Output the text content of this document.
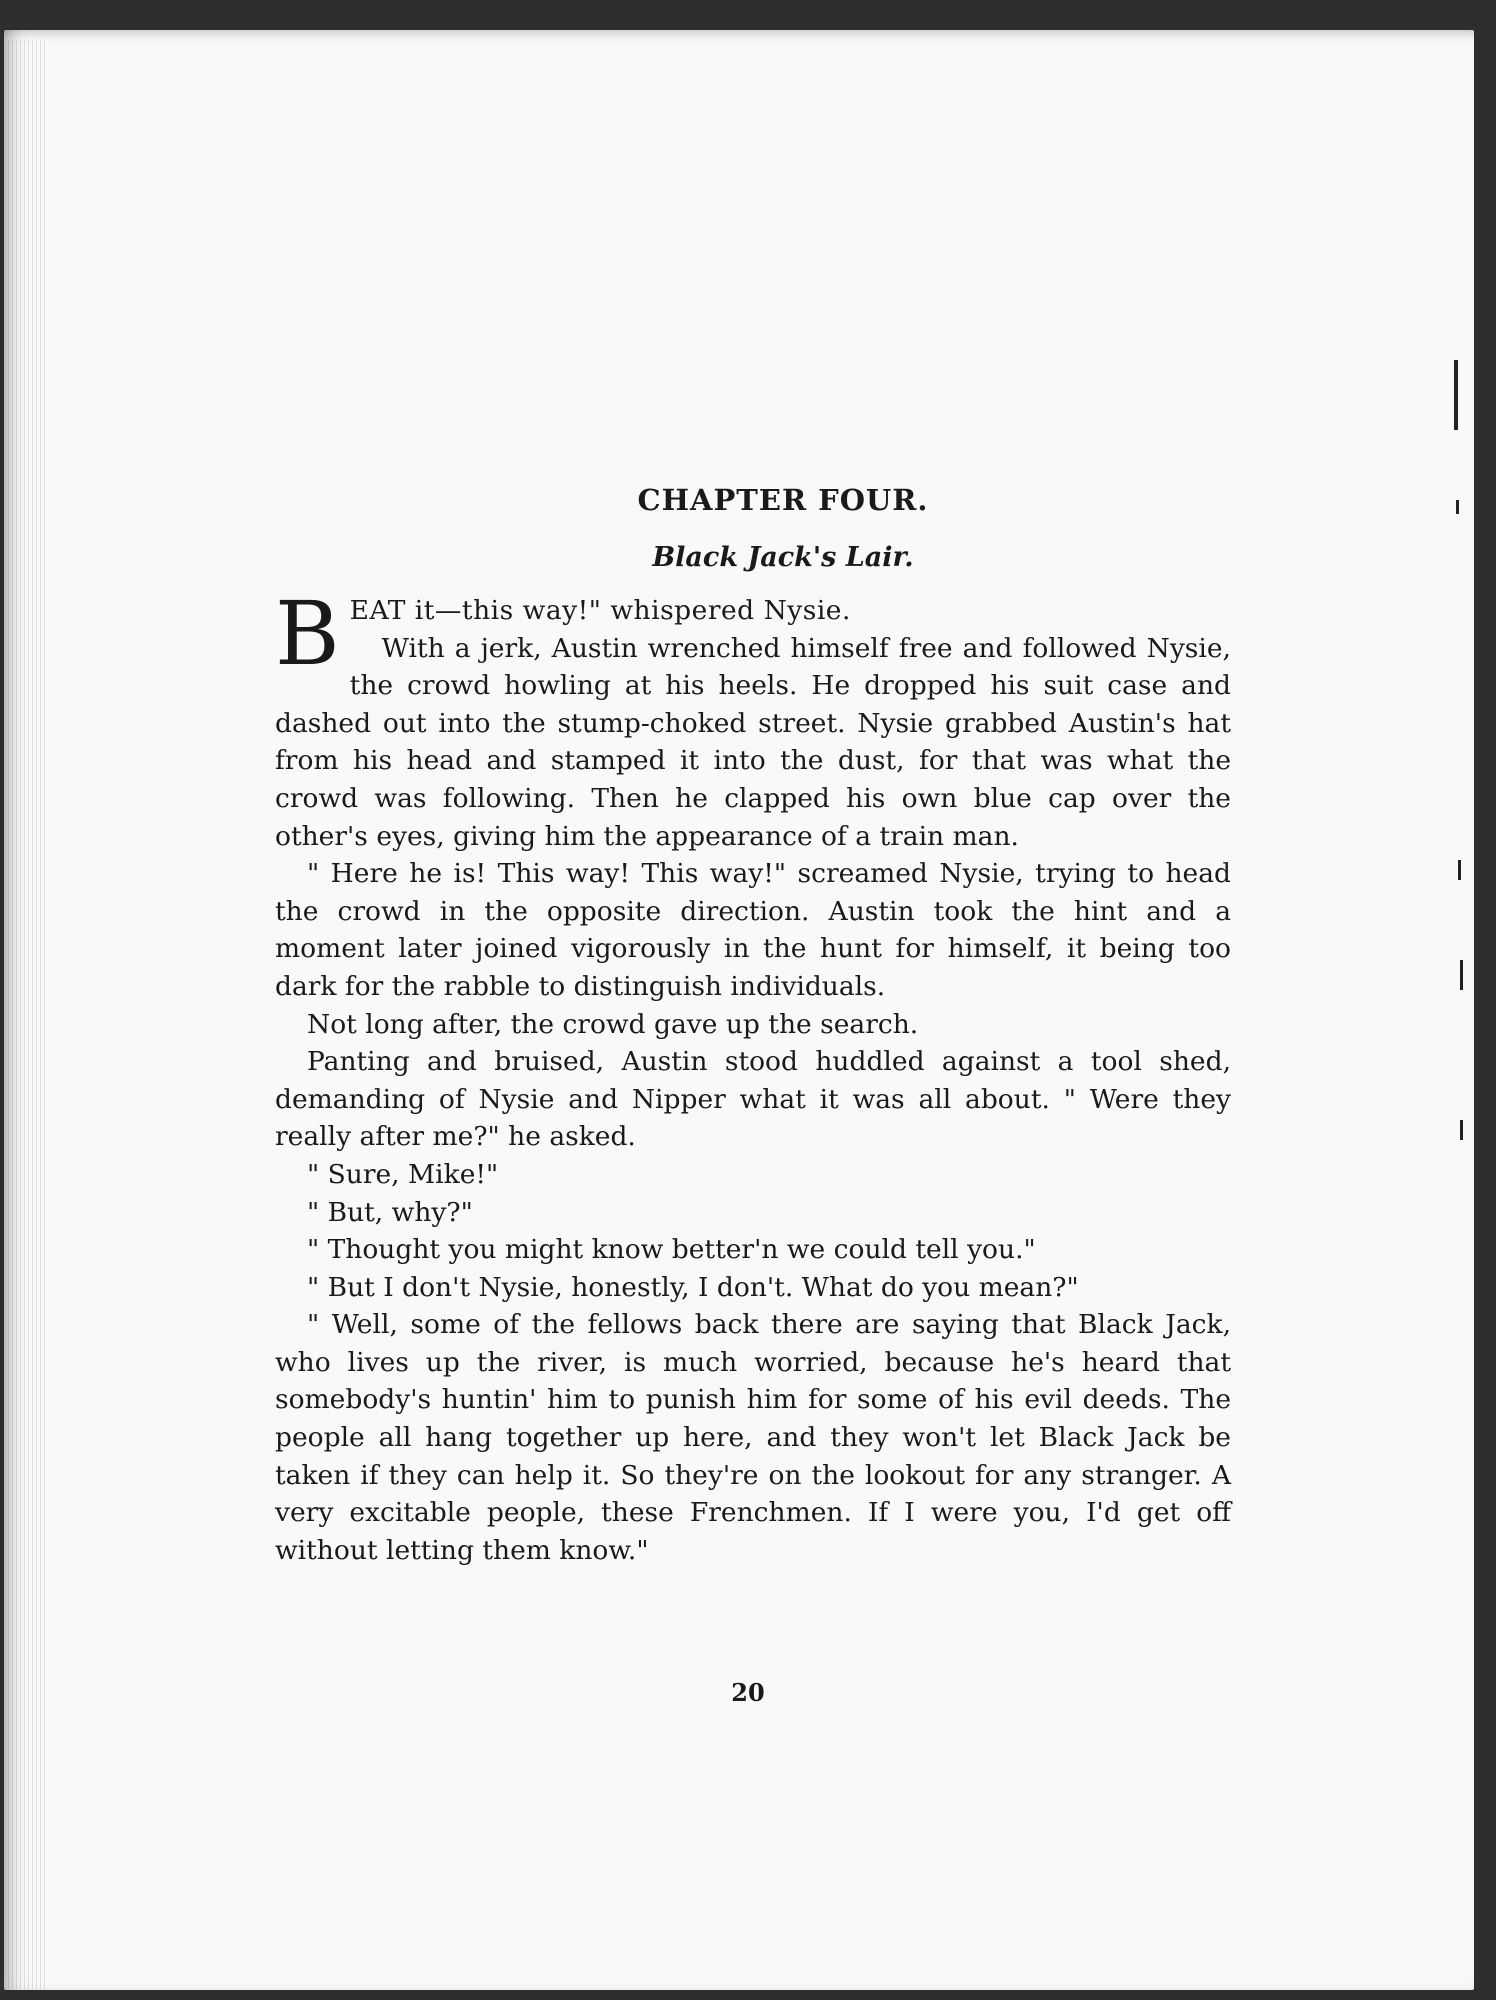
CHAPTER FOUR.
Black Jack's Lair.

BEAT it—this way!" whispered Nysie.

With a jerk, Austin wrenched himself free and followed Nysie, the crowd howling at his heels. He dropped his suit case and dashed out into the stump-choked street. Nysie grabbed Austin's hat from his head and stamped it into the dust, for that was what the crowd was following. Then he clapped his own blue cap over the other's eyes, giving him the appearance of a train man.

" Here he is! This way! This way!" screamed Nysie, trying to head the crowd in the opposite direction. Austin took the hint and a moment later joined vigorously in the hunt for himself, it being too dark for the rabble to distinguish individuals.

Not long after, the crowd gave up the search.

Panting and bruised, Austin stood huddled against a tool shed, demanding of Nysie and Nipper what it was all about. " Were they really after me?" he asked.

" Sure, Mike!"

" But, why?"

" Thought you might know better'n we could tell you."

" But I don't Nysie, honestly, I don't. What do you mean?"

" Well, some of the fellows back there are saying that Black Jack, who lives up the river, is much worried, because he's heard that somebody's huntin' him to punish him for some of his evil deeds. The people all hang together up here, and they won't let Black Jack be taken if they can help it. So they're on the lookout for any stranger. A very excitable people, these Frenchmen. If I were you, I'd get off without letting them know."

20
